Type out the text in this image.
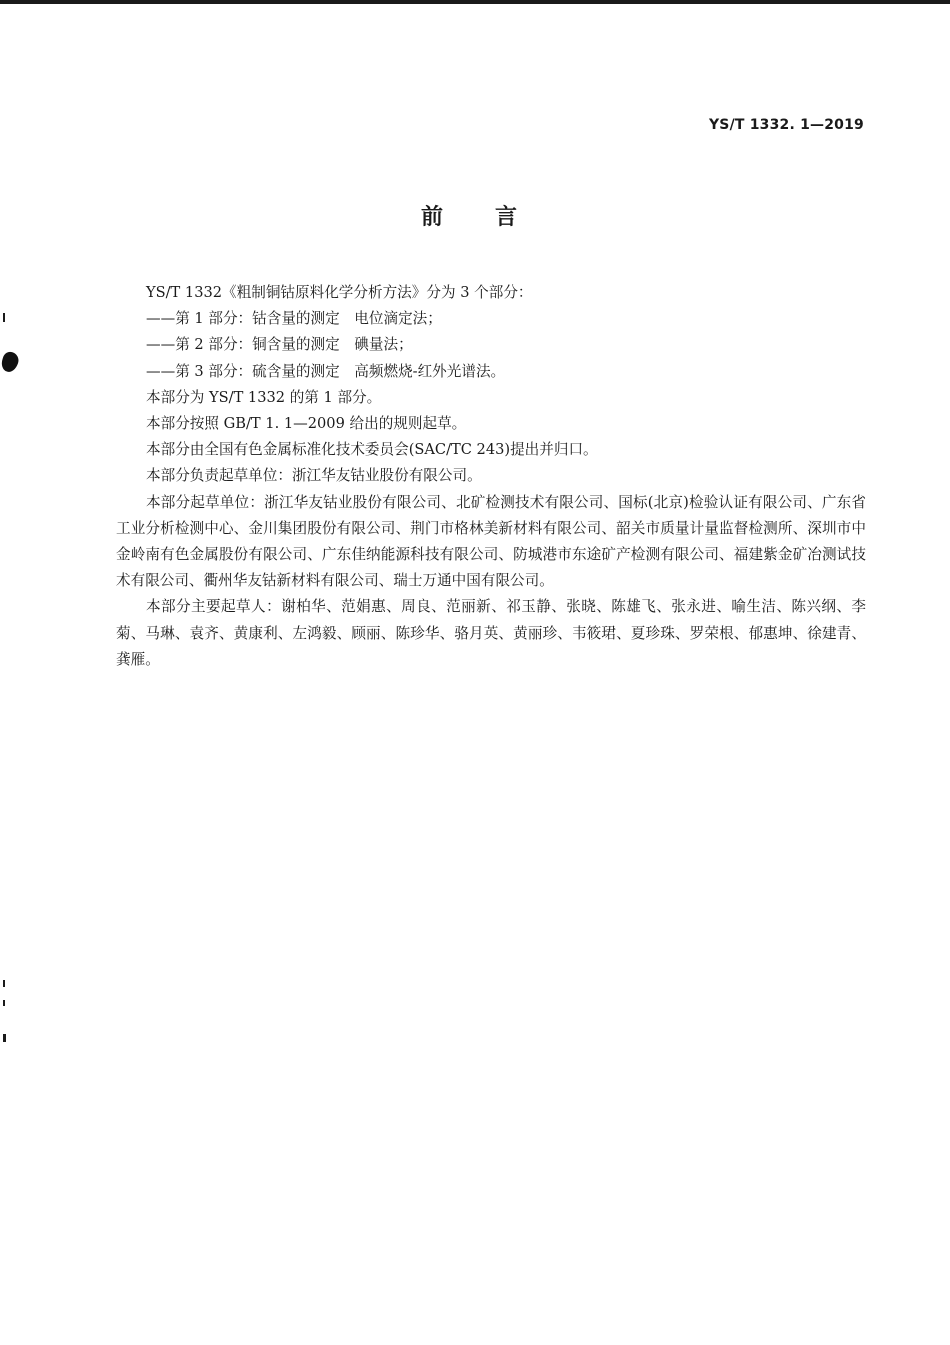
YS/T 1332. 1—2019
前言

YS/T 1332《粗制铜钴原料化学分析方法》分为 3 个部分：

——第 1 部分：钴含量的测定　电位滴定法；

——第 2 部分：铜含量的测定　碘量法；

——第 3 部分：硫含量的测定　高频燃烧-红外光谱法。

本部分为 YS/T 1332 的第 1 部分。

本部分按照 GB/T 1. 1—2009 给出的规则起草。

本部分由全国有色金属标准化技术委员会(SAC/TC 243)提出并归口。

本部分负责起草单位：浙江华友钴业股份有限公司。

本部分起草单位：浙江华友钴业股份有限公司、北矿检测技术有限公司、国标(北京)检验认证有限公司、广东省工业分析检测中心、金川集团股份有限公司、荆门市格林美新材料有限公司、韶关市质量计量监督检测所、深圳市中金岭南有色金属股份有限公司、广东佳纳能源科技有限公司、防城港市东途矿产检测有限公司、福建紫金矿冶测试技术有限公司、衢州华友钴新材料有限公司、瑞士万通中国有限公司。

本部分主要起草人：谢柏华、范娟惠、周良、范丽新、祁玉静、张晓、陈雄飞、张永进、喻生洁、陈兴纲、李菊、马琳、袁齐、黄康利、左鸿毅、顾丽、陈珍华、骆月英、黄丽珍、韦筱珺、夏珍珠、罗荣根、郁惠坤、徐建青、龚雁。
